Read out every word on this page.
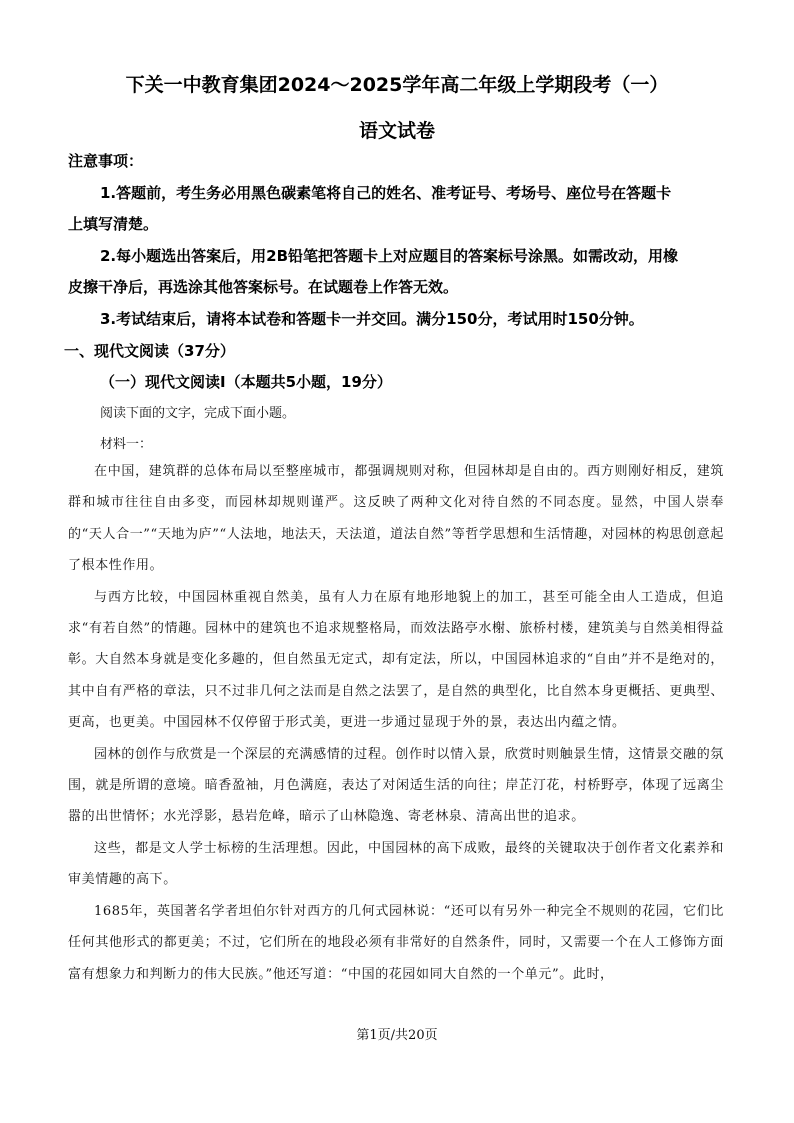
下关一中教育集团2024～2025学年高二年级上学期段考（一）
语文试卷
注意事项：
1.答题前，考生务必用黑色碳素笔将自己的姓名、准考证号、考场号、座位号在答题卡
上填写清楚。
2.每小题选出答案后，用2B铅笔把答题卡上对应题目的答案标号涂黑。如需改动，用橡
皮擦干净后，再选涂其他答案标号。在试题卷上作答无效。
3.考试结束后，请将本试卷和答题卡一并交回。满分150分，考试用时150分钟。
一、现代文阅读（37分）
（一）现代文阅读Ⅰ（本题共5小题，19分）
阅读下面的文字，完成下面小题。
材料一：

在中国，建筑群的总体布局以至整座城市，都强调规则对称，但园林却是自由的。西方则刚好相反，建筑群和城市往往自由多变，而园林却规则谨严。这反映了两种文化对待自然的不同态度。显然，中国人崇奉的“天人合一”“天地为庐”“人法地，地法天，天法道，道法自然”等哲学思想和生活情趣，对园林的构思创意起了根本性作用。

与西方比较，中国园林重视自然美，虽有人力在原有地形地貌上的加工，甚至可能全由人工造成，但追求“有若自然”的情趣。园林中的建筑也不追求规整格局，而效法路亭水榭、旅桥村楼，建筑美与自然美相得益彰。大自然本身就是变化多趣的，但自然虽无定式，却有定法，所以，中国园林追求的“自由”并不是绝对的，其中自有严格的章法，只不过非几何之法而是自然之法罢了，是自然的典型化，比自然本身更概括、更典型、更高，也更美。中国园林不仅停留于形式美，更进一步通过显现于外的景，表达出内蕴之情。

园林的创作与欣赏是一个深层的充满感情的过程。创作时以情入景，欣赏时则触景生情，这情景交融的氛围，就是所谓的意境。暗香盈袖，月色满庭，表达了对闲适生活的向往；岸芷汀花，村桥野亭，体现了远离尘嚣的出世情怀；水光浮影，悬岩危峰，暗示了山林隐逸、寄老林泉、清高出世的追求。

这些，都是文人学士标榜的生活理想。因此，中国园林的高下成败，最终的关键取决于创作者文化素养和审美情趣的高下。

1685年，英国著名学者坦伯尔针对西方的几何式园林说：“还可以有另外一种完全不规则的花园，它们比任何其他形式的都更美；不过，它们所在的地段必须有非常好的自然条件，同时，又需要一个在人工修饰方面富有想象力和判断力的伟大民族。”他还写道：“中国的花园如同大自然的一个单元”。此时，

第1页/共20页
